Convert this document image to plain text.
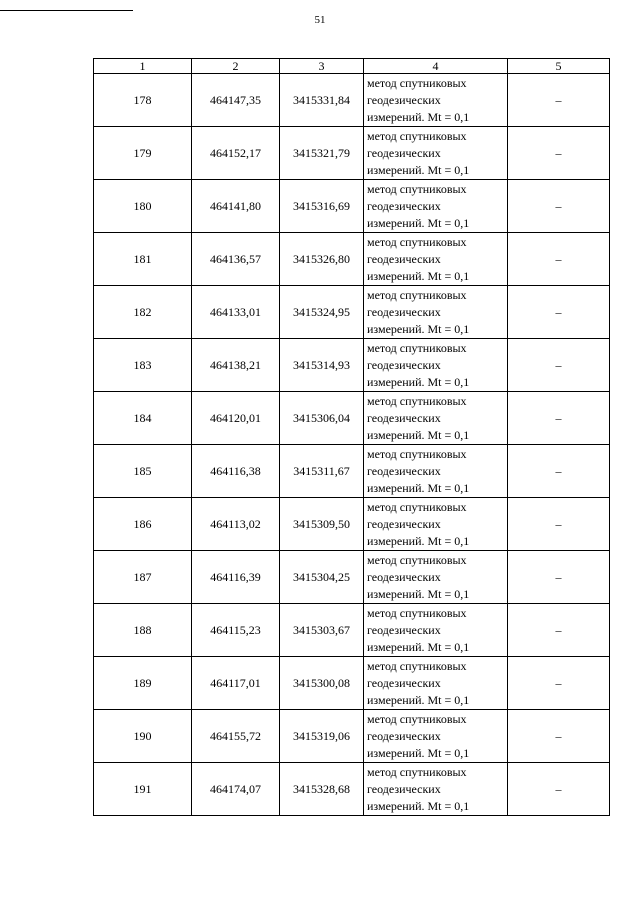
51
1	2	3	4	5
178	464147,35	3415331,84	метод спутниковых
геодезических
измерений. Mt = 0,1	–
179	464152,17	3415321,79	метод спутниковых
геодезических
измерений. Mt = 0,1	–
180	464141,80	3415316,69	метод спутниковых
геодезических
измерений. Mt = 0,1	–
181	464136,57	3415326,80	метод спутниковых
геодезических
измерений. Mt = 0,1	–
182	464133,01	3415324,95	метод спутниковых
геодезических
измерений. Mt = 0,1	–
183	464138,21	3415314,93	метод спутниковых
геодезических
измерений. Mt = 0,1	–
184	464120,01	3415306,04	метод спутниковых
геодезических
измерений. Mt = 0,1	–
185	464116,38	3415311,67	метод спутниковых
геодезических
измерений. Mt = 0,1	–
186	464113,02	3415309,50	метод спутниковых
геодезических
измерений. Mt = 0,1	–
187	464116,39	3415304,25	метод спутниковых
геодезических
измерений. Mt = 0,1	–
188	464115,23	3415303,67	метод спутниковых
геодезических
измерений. Mt = 0,1	–
189	464117,01	3415300,08	метод спутниковых
геодезических
измерений. Mt = 0,1	–
190	464155,72	3415319,06	метод спутниковых
геодезических
измерений. Mt = 0,1	–
191	464174,07	3415328,68	метод спутниковых
геодезических
измерений. Mt = 0,1	–
